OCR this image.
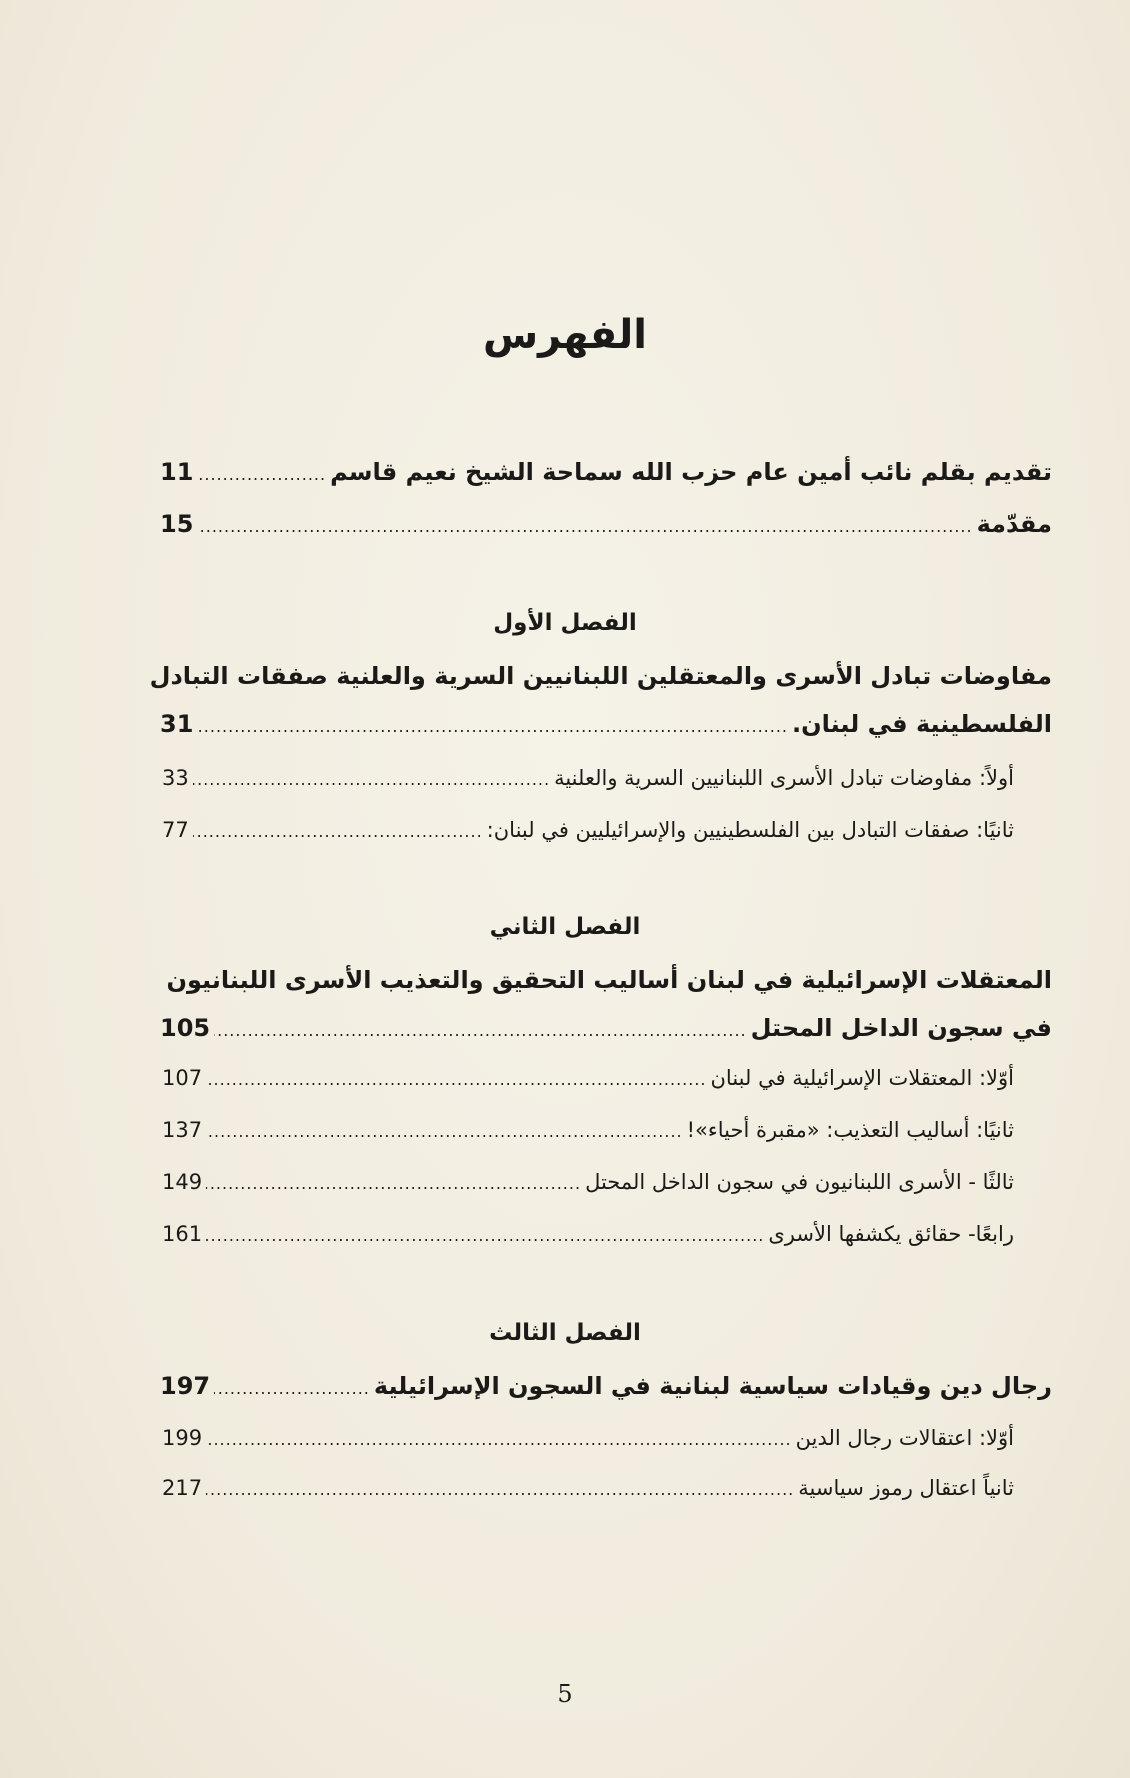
الفهرس
تقديم بقلم نائب أمين عام حزب الله سماحة الشيخ نعيم قاسم
.....
11
مقدّمة
.....
15
الفصل الأول
مفاوضات تبادل الأسرى والمعتقلين اللبنانيين السرية والعلنية صفقات التبادل
الفلسطينية في لبنان.
.....
31
أولاً: مفاوضات تبادل الأسرى اللبنانيين السرية والعلنية
.....
33
ثانيًا: صفقات التبادل بين الفلسطينيين والإسرائيليين في لبنان:
.....
77
الفصل الثاني
المعتقلات الإسرائيلية في لبنان أساليب التحقيق والتعذيب الأسرى اللبنانيون
في سجون الداخل المحتل
.....
105
أوّلا: المعتقلات الإسرائيلية في لبنان
.....
107
ثانيًا: أساليب التعذيب: «مقبرة أحياء»!
.....
137
ثالثًا - الأسرى اللبنانيون في سجون الداخل المحتل
.....
149
رابعًا- حقائق يكشفها الأسرى
.....
161
الفصل الثالث
رجال دين وقيادات سياسية لبنانية في السجون الإسرائيلية
.....
197
أوّلا: اعتقالات رجال الدين
.....
199
ثانياً اعتقال رموز سياسية
.....
217
5
